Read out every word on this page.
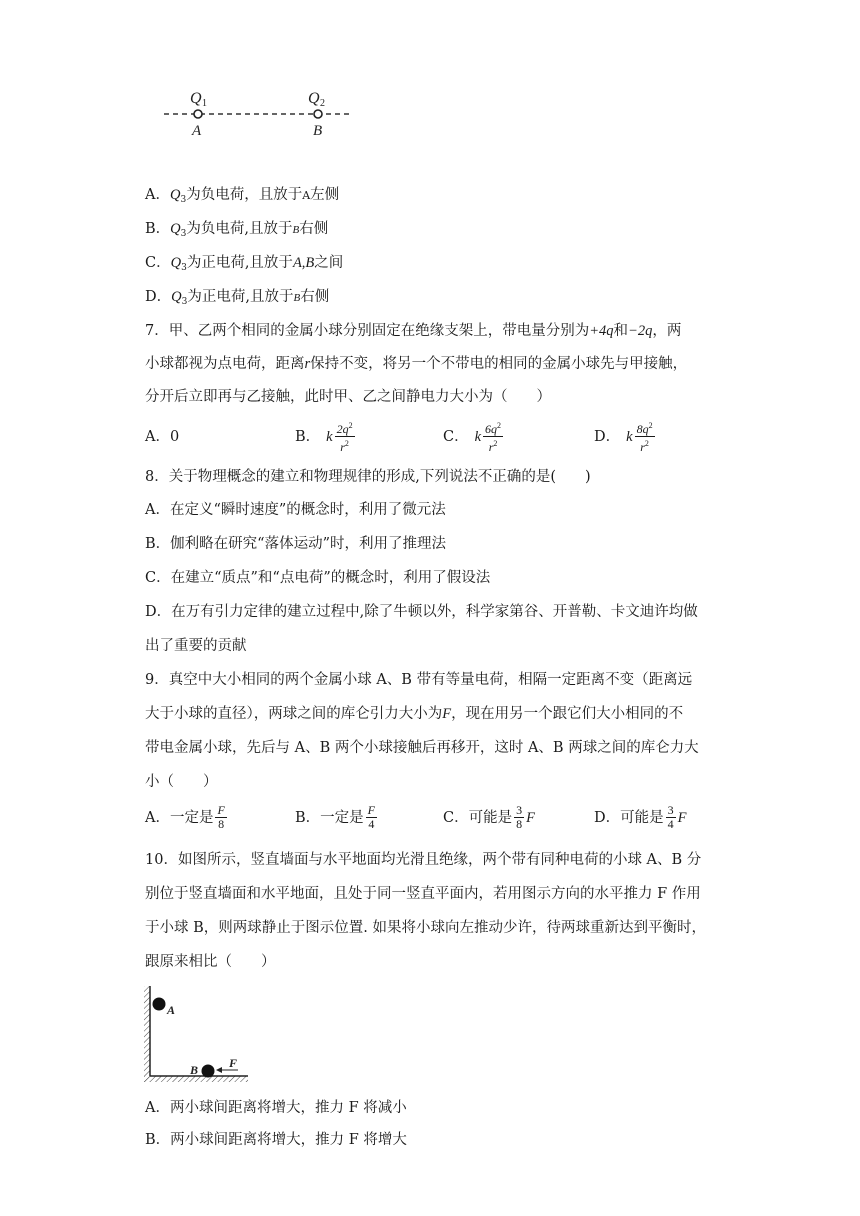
Q 1	Q 2
A	B
A．$Q_3$为负电荷，且放于A左侧
B．$Q_3$为负电荷,且放于B右侧
C．$Q_3$为正电荷,且放于A,B之间
D．$Q_3$为正电荷,且放于B右侧
7．甲、乙两个相同的金属小球分别固定在绝缘支架上，带电量分别为+4q和−2q，两
小球都视为点电荷，距离r保持不变，将另一个不带电的相同的金属小球先与甲接触，
分开后立即再与乙接触，此时甲、乙之间静电力大小为（　　）
A． 0	B． k $\frac{2q^2}{r^2}$	C． k $\frac{6q^2}{r^2}$	D． k $\frac{8q^2}{r^2}$
8．关于物理概念的建立和物理规律的形成,下列说法不正确的是(　　)
A．在定义“瞬时速度”的概念时，利用了微元法
B．伽利略在研究“落体运动”时，利用了推理法
C．在建立“质点”和“点电荷”的概念时，利用了假设法
D．在万有引力定律的建立过程中,除了牛顿以外，科学家第谷、开普勒、卡文迪许均做
出了重要的贡献
9．真空中大小相同的两个金属小球 A、B 带有等量电荷，相隔一定距离不变（距离远
大于小球的直径），两球之间的库仑引力大小为F，现在用另一个跟它们大小相同的不
带电金属小球，先后与 A、B 两个小球接触后再移开，这时 A、B 两球之间的库仑力大
小（　　）
A．一定是 $\frac{F}{8}$	B．一定是 $\frac{F}{4}$	C．可能是 $\frac{3}{8}$ F	D．可能是 $\frac{3}{4}$ F
10．如图所示，竖直墙面与水平地面均光滑且绝缘，两个带有同种电荷的小球 A、B 分
别位于竖直墙面和水平地面，且处于同一竖直平面内，若用图示方向的水平推力 F 作用
于小球 B，则两球静止于图示位置. 如果将小球向左推动少许，待两球重新达到平衡时，
跟原来相比（　　）
A
B	F
A．两小球间距离将增大，推力 F 将减小
B．两小球间距离将增大，推力 F 将增大
